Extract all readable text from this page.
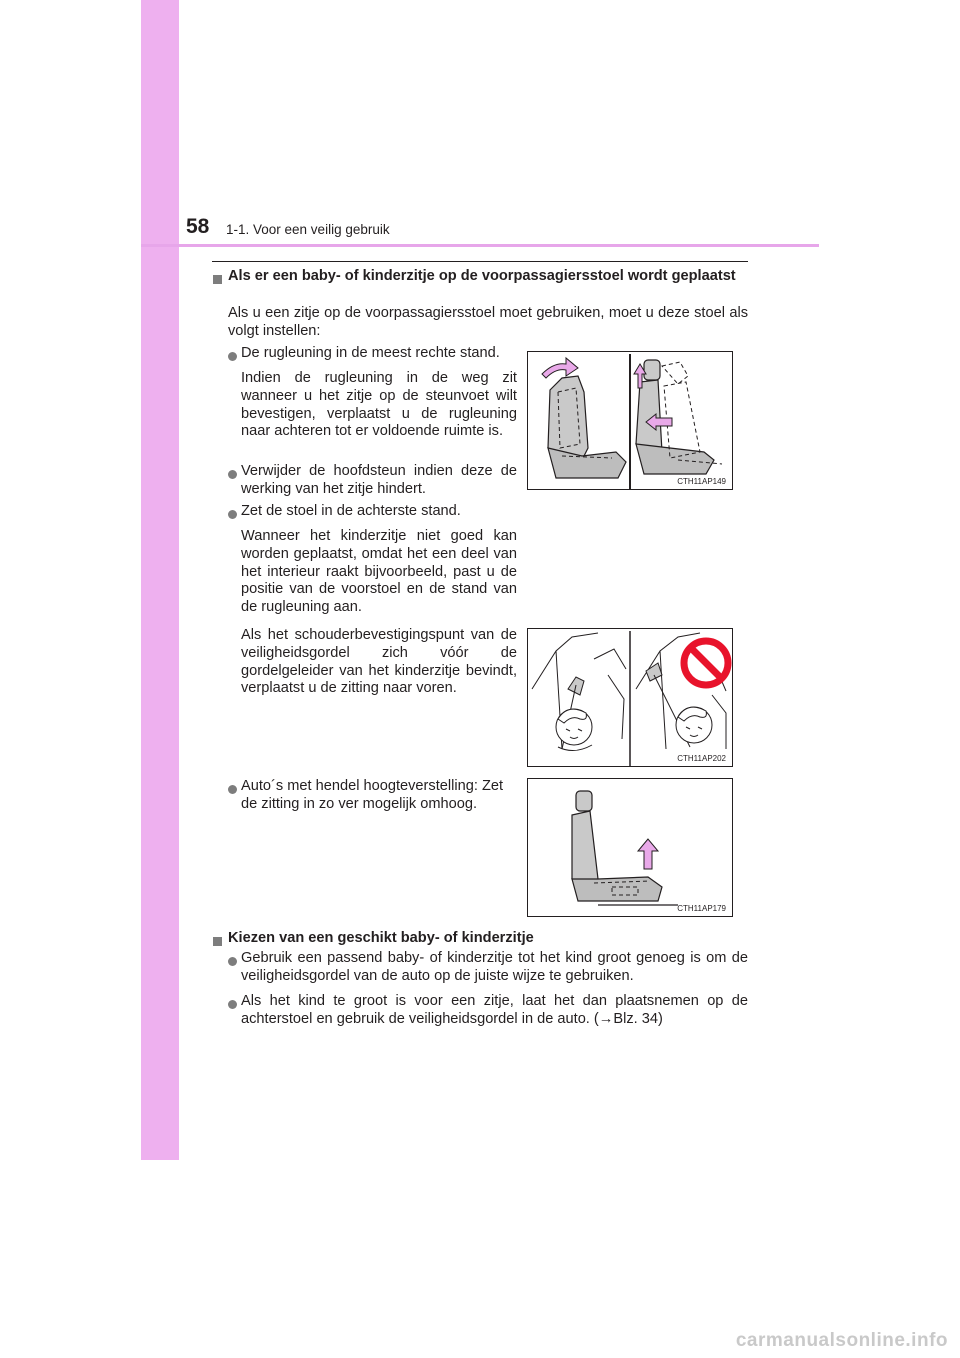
58 1-1. Voor een veilig gebruik
Als er een baby- of kinderzitje op de voorpassagiersstoel wordt geplaatst
Als u een zitje op de voorpassagiersstoel moet gebruiken, moet u deze stoel als volgt instellen:
De rugleuning in de meest rechte stand.
Indien de rugleuning in de weg zit wanneer u het zitje op de steunvoet wilt bevestigen, verplaatst u de rugleuning naar achteren tot er voldoende ruimte is.
Verwijder de hoofdsteun indien deze de werking van het zitje hindert.
Zet de stoel in de achterste stand.
Wanneer het kinderzitje niet goed kan worden geplaatst, omdat het een deel van het interieur raakt bijvoorbeeld, past u de positie van de voorstoel en de stand van de rugleuning aan.
Als het schouderbevestigingspunt van de veiligheidsgordel zich vóór de gordelgeleider van het kinderzitje bevindt, verplaatst u de zitting naar voren.
Auto´s met hendel hoogteverstelling: Zet de zitting in zo ver mogelijk omhoog.
CTH11AP149
CTH11AP202
CTH11AP179
Kiezen van een geschikt baby- of kinderzitje
Gebruik een passend baby- of kinderzitje tot het kind groot genoeg is om de veiligheidsgordel van de auto op de juiste wijze te gebruiken.
Als het kind te groot is voor een zitje, laat het dan plaatsnemen op de achterstoel en gebruik de veiligheidsgordel in de auto. (→Blz. 34)
carmanualsonline.info
